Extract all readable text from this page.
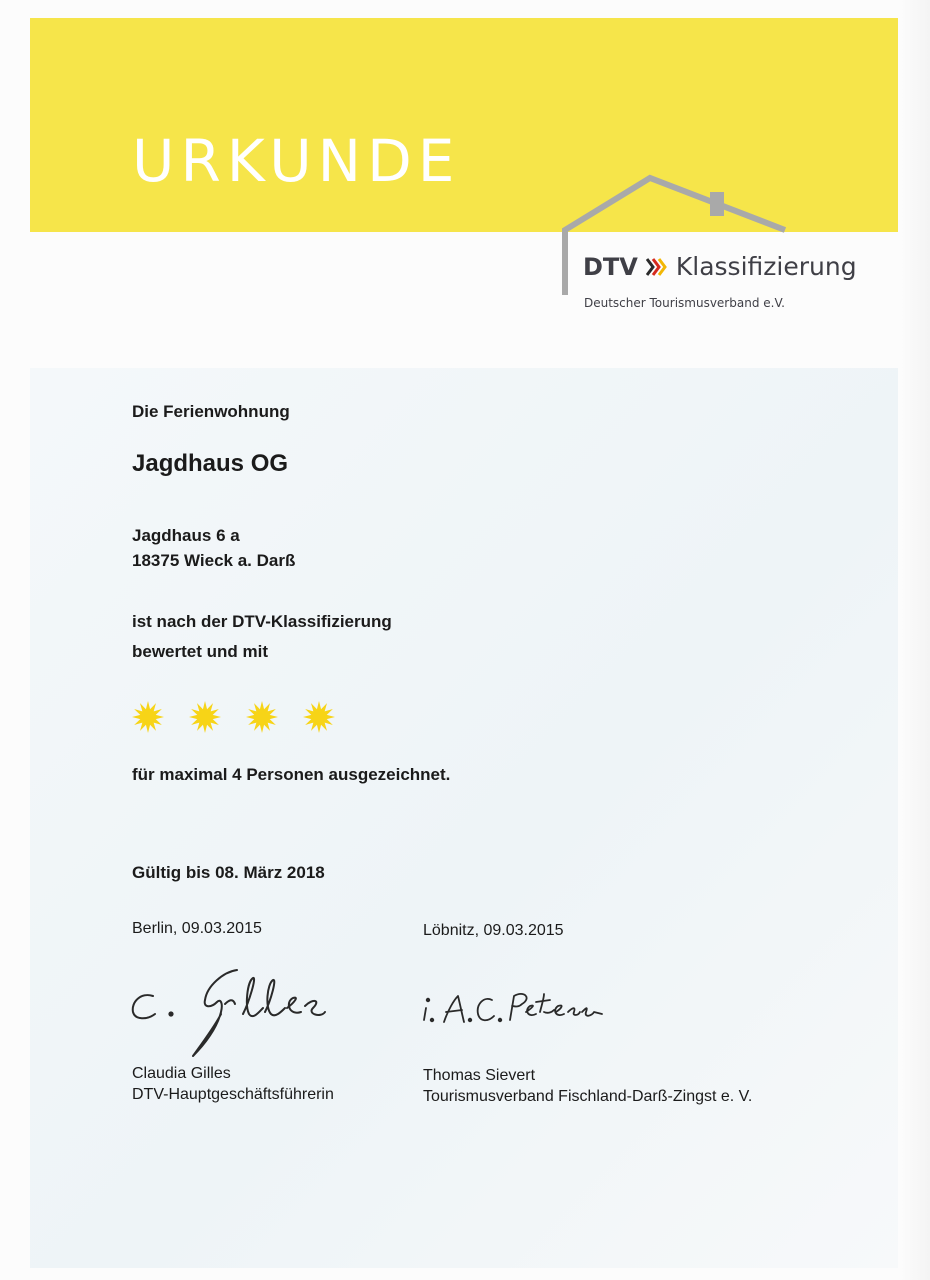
URKUNDE
DTV Klassifizierung
Deutscher Tourismusverband e.V.
Die Ferienwohnung
Jagdhaus OG
Jagdhaus 6 a
18375 Wieck a. Darß
ist nach der DTV-Klassifizierung
bewertet und mit
für maximal 4 Personen ausgezeichnet.
Gültig bis 08. März 2018
Berlin, 09.03.2015	Löbnitz, 09.03.2015
Claudia Gilles
DTV-Hauptgeschäftsführerin
Thomas Sievert
Tourismusverband Fischland-Darß-Zingst e. V.
